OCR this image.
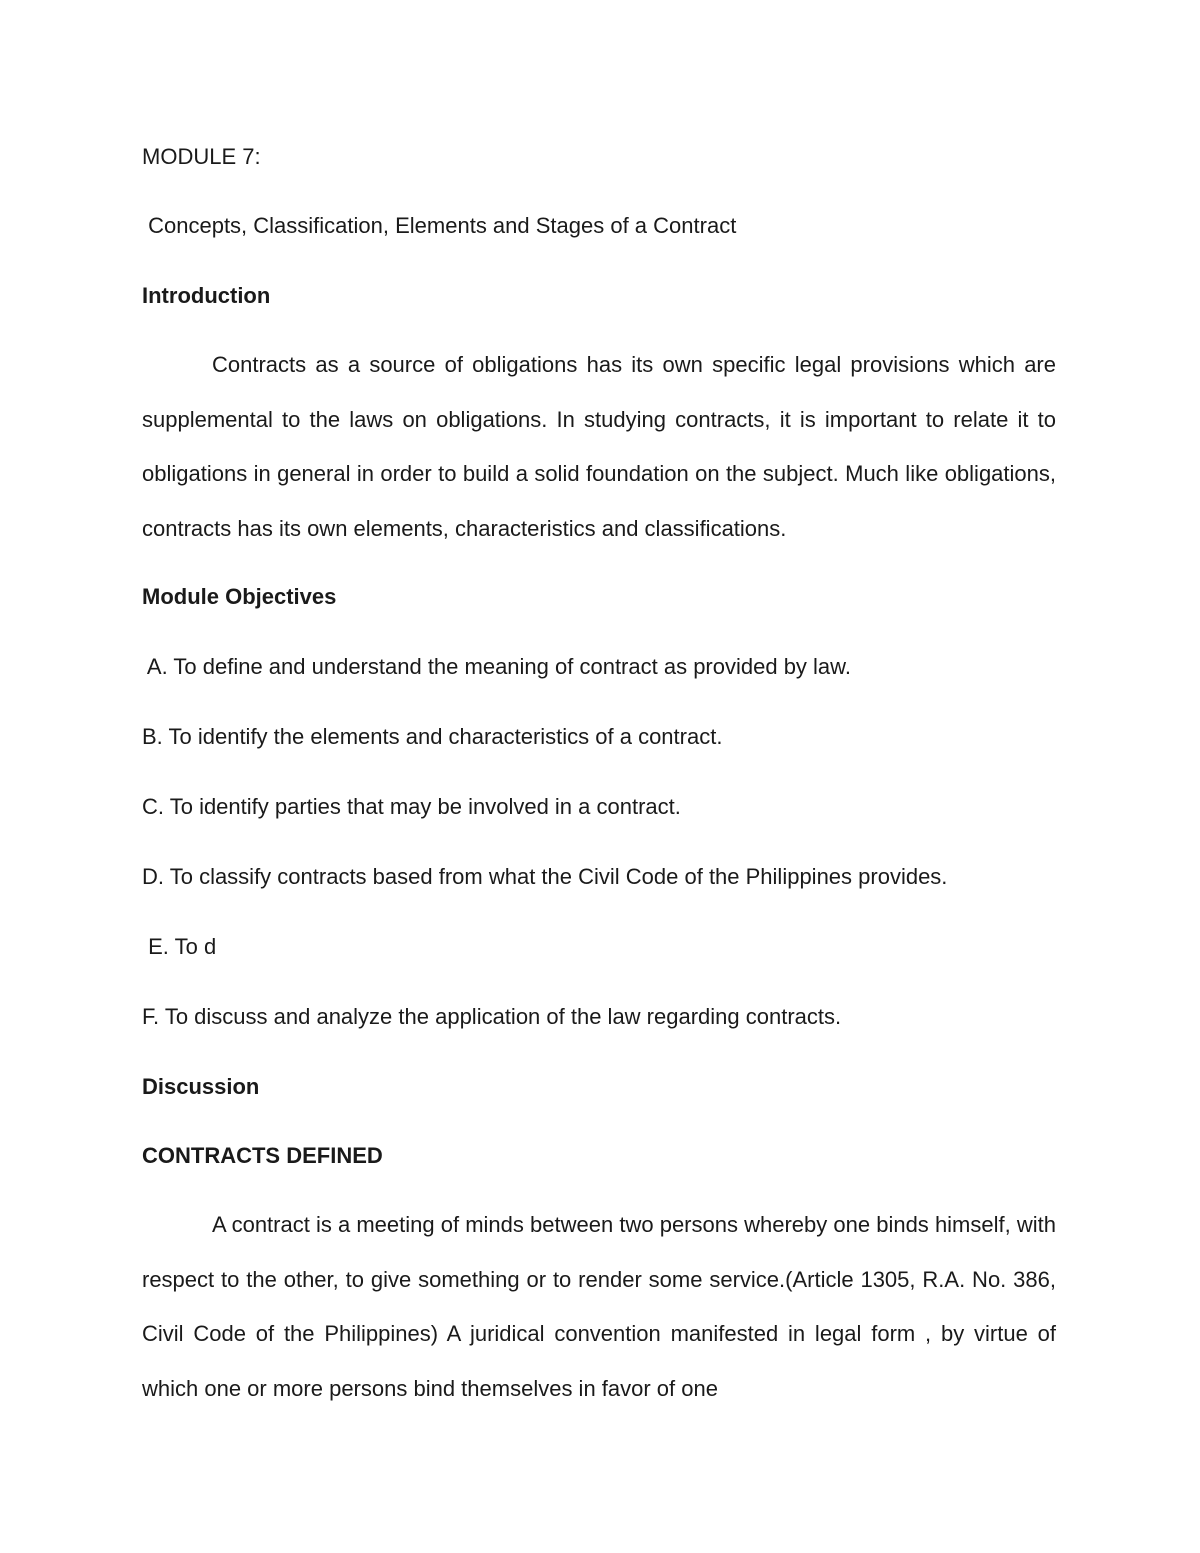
MODULE 7:

Concepts, Classification, Elements and Stages of a Contract

Introduction

Contracts as a source of obligations has its own specific legal provisions which are supplemental to the laws on obligations. In studying contracts, it is important to relate it to obligations in general in order to build a solid foundation on the subject. Much like obligations, contracts has its own elements, characteristics and classifications.

Module Objectives

A. To define and understand the meaning of contract as provided by law.

B. To identify the elements and characteristics of a contract.

C. To identify parties that may be involved in a contract.

D. To classify contracts based from what the Civil Code of the Philippines provides.

E. To d

F. To discuss and analyze the application of the law regarding contracts.

Discussion

CONTRACTS DEFINED

A contract is a meeting of minds between two persons whereby one binds himself, with respect to the other, to give something or to render some service.(Article 1305, R.A. No. 386, Civil Code of the Philippines) A juridical convention manifested in legal form , by virtue of which one or more persons bind themselves in favor of one
